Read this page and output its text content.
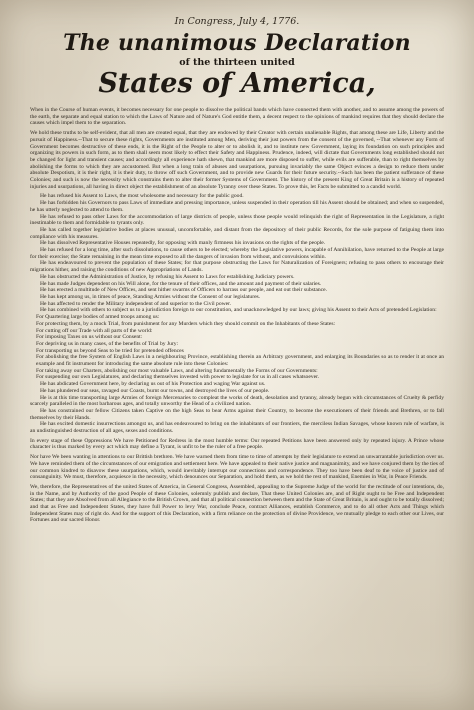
In Congress, July 4, 1776.
The unanimous Declaration
of the thirteen united
States of America,

When in the Course of human events, it becomes necessary for one people to dissolve the political bands which have connected them with another, and to assume among the powers of the earth, the separate and equal station to which the Laws of Nature and of Nature's God entitle them, a decent respect to the opinions of mankind requires that they should declare the causes which impel them to the separation.

We hold these truths to be self-evident, that all men are created equal, that they are endowed by their Creator with certain unalienable Rights, that among these are Life, Liberty and the pursuit of Happiness.--That to secure these rights, Governments are instituted among Men, deriving their just powers from the consent of the governed, --That whenever any Form of Government becomes destructive of these ends, it is the Right of the People to alter or to abolish it, and to institute new Government, laying its foundation on such principles and organizing its powers in such form, as to them shall seem most likely to effect their Safety and Happiness. Prudence, indeed, will dictate that Governments long established should not be changed for light and transient causes; and accordingly all experience hath shewn, that mankind are more disposed to suffer, while evils are sufferable, than to right themselves by abolishing the forms to which they are accustomed. But when a long train of abuses and usurpations, pursuing invariably the same Object evinces a design to reduce them under absolute Despotism, it is their right, it is their duty, to throw off such Government, and to provide new Guards for their future security.--Such has been the patient sufferance of these Colonies; and such is now the necessity which constrains them to alter their former Systems of Government. The history of the present King of Great Britain is a history of repeated injuries and usurpations, all having in direct object the establishment of an absolute Tyranny over these States. To prove this, let Facts be submitted to a candid world.

He has refused his Assent to Laws, the most wholesome and necessary for the public good.
He has forbidden his Governors to pass Laws of immediate and pressing importance, unless suspended in their operation till his Assent should be obtained; and when so suspended, he has utterly neglected to attend to them.
He has refused to pass other Laws for the accommodation of large districts of people, unless those people would relinquish the right of Representation in the Legislature, a right inestimable to them and formidable to tyrants only.
He has called together legislative bodies at places unusual, uncomfortable, and distant from the depository of their public Records, for the sole purpose of fatiguing them into compliance with his measures.
He has dissolved Representative Houses repeatedly, for opposing with manly firmness his invasions on the rights of the people.
He has refused for a long time, after such dissolutions, to cause others to be elected; whereby the Legislative powers, incapable of Annihilation, have returned to the People at large for their exercise; the State remaining in the mean time exposed to all the dangers of invasion from without, and convulsions within.
He has endeavoured to prevent the population of these States; for that purpose obstructing the Laws for Naturalization of Foreigners; refusing to pass others to encourage their migrations hither, and raising the conditions of new Appropriations of Lands.
He has obstructed the Administration of Justice, by refusing his Assent to Laws for establishing Judiciary powers.
He has made Judges dependent on his Will alone, for the tenure of their offices, and the amount and payment of their salaries.
He has erected a multitude of New Offices, and sent hither swarms of Officers to harrass our people, and eat out their substance.
He has kept among us, in times of peace, Standing Armies without the Consent of our legislatures.
He has affected to render the Military independent of and superior to the Civil power.
He has combined with others to subject us to a jurisdiction foreign to our constitution, and unacknowledged by our laws; giving his Assent to their Acts of pretended Legislation:
For Quartering large bodies of armed troops among us:
For protecting them, by a mock Trial, from punishment for any Murders which they should commit on the Inhabitants of these States:
For cutting off our Trade with all parts of the world:
For imposing Taxes on us without our Consent:
For depriving us in many cases, of the benefits of Trial by Jury:
For transporting us beyond Seas to be tried for pretended offences
For abolishing the free System of English Laws in a neighbouring Province, establishing therein an Arbitrary government, and enlarging its Boundaries so as to render it at once an example and fit instrument for introducing the same absolute rule into these Colonies:
For taking away our Charters, abolishing our most valuable Laws, and altering fundamentally the Forms of our Governments:
For suspending our own Legislatures, and declaring themselves invested with power to legislate for us in all cases whatsoever.
He has abdicated Government here, by declaring us out of his Protection and waging War against us.
He has plundered our seas, ravaged our Coasts, burnt our towns, and destroyed the lives of our people.
He is at this time transporting large Armies of foreign Mercenaries to compleat the works of death, desolation and tyranny, already begun with circumstances of Cruelty & perfidy scarcely paralleled in the most barbarous ages, and totally unworthy the Head of a civilized nation.
He has constrained our fellow Citizens taken Captive on the high Seas to bear Arms against their Country, to become the executioners of their friends and Brethren, or to fall themselves by their Hands.
He has excited domestic insurrections amongst us, and has endeavoured to bring on the inhabitants of our frontiers, the merciless Indian Savages, whose known rule of warfare, is an undistinguished destruction of all ages, sexes and conditions.

In every stage of these Oppressions We have Petitioned for Redress in the most humble terms: Our repeated Petitions have been answered only by repeated injury. A Prince whose character is thus marked by every act which may define a Tyrant, is unfit to be the ruler of a free people.

Nor have We been wanting in attentions to our Brittish brethren. We have warned them from time to time of attempts by their legislature to extend an unwarrantable jurisdiction over us. We have reminded them of the circumstances of our emigration and settlement here. We have appealed to their native justice and magnanimity, and we have conjured them by the ties of our common kindred to disavow these usurpations, which, would inevitably interrupt our connections and correspondence. They too have been deaf to the voice of justice and of consanguinity. We must, therefore, acquiesce in the necessity, which denounces our Separation, and hold them, as we hold the rest of mankind, Enemies in War, in Peace Friends.

We, therefore, the Representatives of the united States of America, in General Congress, Assembled, appealing to the Supreme Judge of the world for the rectitude of our intentions, do, in the Name, and by Authority of the good People of these Colonies, solemnly publish and declare, That these United Colonies are, and of Right ought to be Free and Independent States; that they are Absolved from all Allegiance to the British Crown, and that all political connection between them and the State of Great Britain, is and ought to be totally dissolved; and that as Free and Independent States, they have full Power to levy War, conclude Peace, contract Alliances, establish Commerce, and to do all other Acts and Things which Independent States may of right do. And for the support of this Declaration, with a firm reliance on the protection of divine Providence, we mutually pledge to each other our Lives, our Fortunes and our sacred Honor.
